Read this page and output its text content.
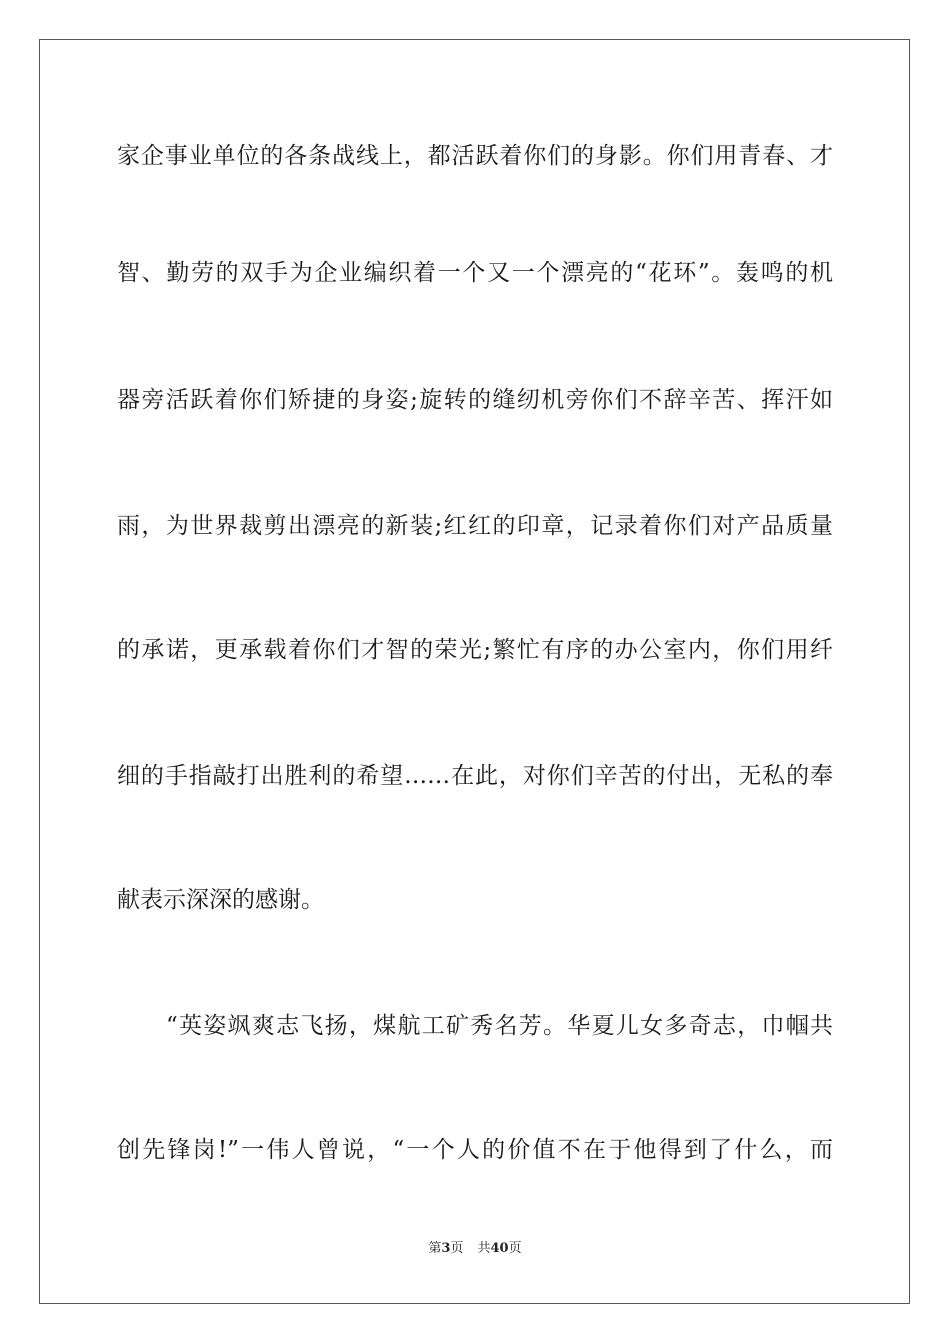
家企事业单位的各条战线上，都活跃着你们的身影。你们用青春、才
智、勤劳的双手为企业编织着一个又一个漂亮的“花环”。轰鸣的机
器旁活跃着你们矫捷的身姿;旋转的缝纫机旁你们不辞辛苦、挥汗如
雨，为世界裁剪出漂亮的新装;红红的印章，记录着你们对产品质量
的承诺，更承载着你们才智的荣光;繁忙有序的办公室内，你们用纤
细的手指敲打出胜利的希望……在此，对你们辛苦的付出，无私的奉
献表示深深的感谢。
“英姿飒爽志飞扬，煤航工矿秀名芳。华夏儿女多奇志，巾帼共
创先锋岗!”一伟人曾说，“一个人的价值不在于他得到了什么，而
第3页 共40页
